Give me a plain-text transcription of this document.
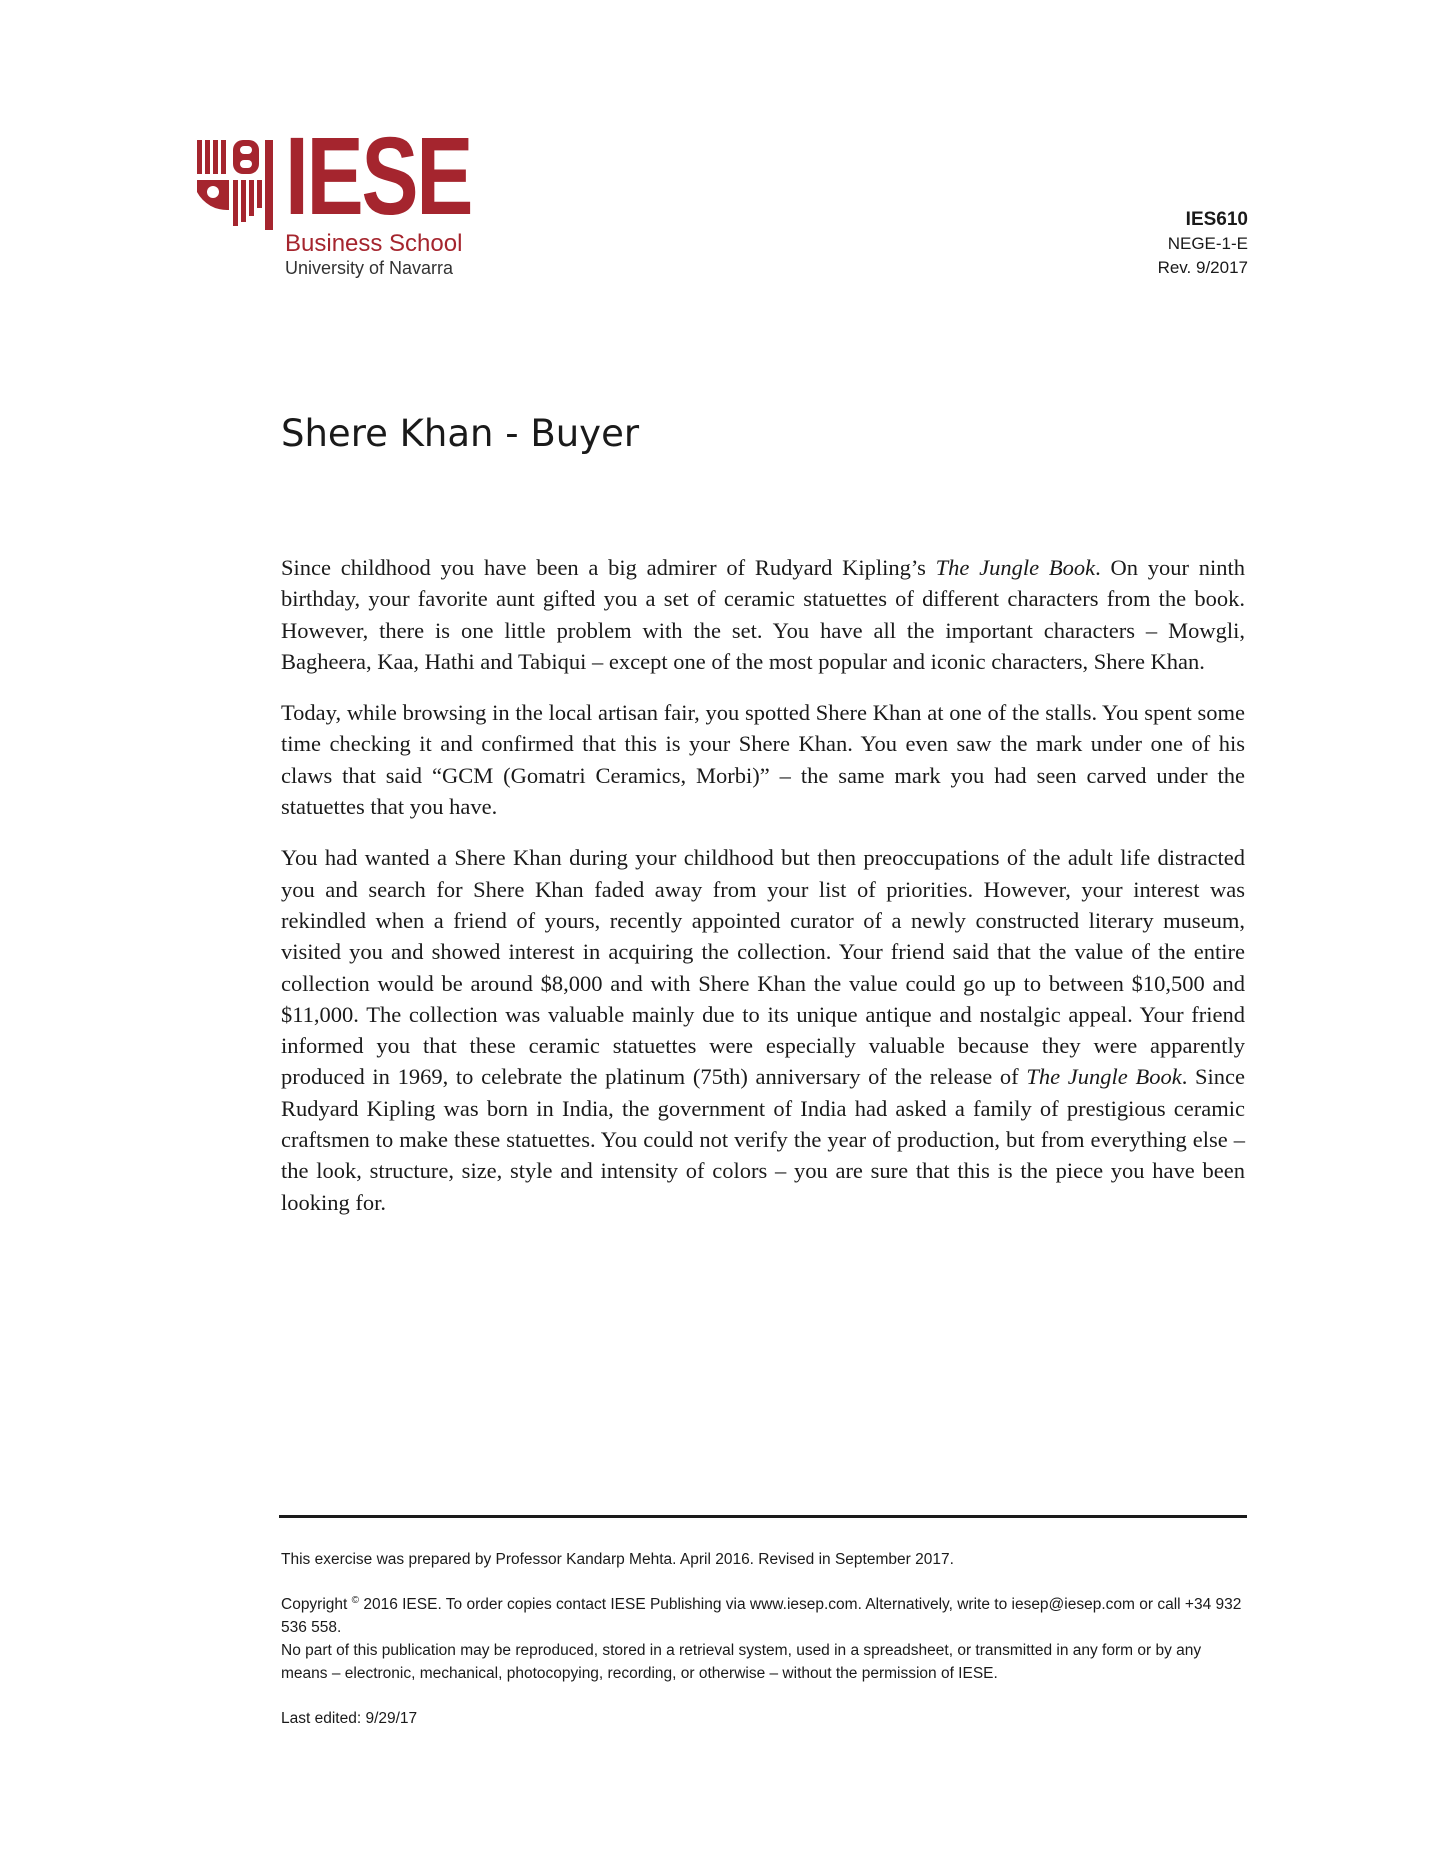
IESE
Business School
University of Navarra
IES610
NEGE-1-E
Rev. 9/2017
Shere Khan - Buyer

Since childhood you have been a big admirer of Rudyard Kipling’s The Jungle Book. On your ninth birthday, your favorite aunt gifted you a set of ceramic statuettes of different characters from the book. However, there is one little problem with the set. You have all the important characters – Mowgli, Bagheera, Kaa, Hathi and Tabiqui – except one of the most popular and iconic characters, Shere Khan.

Today, while browsing in the local artisan fair, you spotted Shere Khan at one of the stalls. You spent some time checking it and confirmed that this is your Shere Khan. You even saw the mark under one of his claws that said “GCM (Gomatri Ceramics, Morbi)” – the same mark you had seen carved under the statuettes that you have.

You had wanted a Shere Khan during your childhood but then preoccupations of the adult life distracted you and search for Shere Khan faded away from your list of priorities. However, your interest was rekindled when a friend of yours, recently appointed curator of a newly constructed literary museum, visited you and showed interest in acquiring the collection. Your friend said that the value of the entire collection would be around $8,000 and with Shere Khan the value could go up to between $10,500 and $11,000. The collection was valuable mainly due to its unique antique and nostalgic appeal. Your friend informed you that these ceramic statuettes were especially valuable because they were apparently produced in 1969, to celebrate the platinum (75th) anniversary of the release of The Jungle Book. Since Rudyard Kipling was born in India, the government of India had asked a family of prestigious ceramic craftsmen to make these statuettes. You could not verify the year of production, but from everything else – the look, structure, size, style and intensity of colors – you are sure that this is the piece you have been looking for.

This exercise was prepared by Professor Kandarp Mehta. April 2016. Revised in September 2017.

Copyright © 2016 IESE. To order copies contact IESE Publishing via www.iesep.com. Alternatively, write to iesep@iesep.com or call +34 932 536 558.

No part of this publication may be reproduced, stored in a retrieval system, used in a spreadsheet, or transmitted in any form or by any means – electronic, mechanical, photocopying, recording, or otherwise – without the permission of IESE.

Last edited: 9/29/17
